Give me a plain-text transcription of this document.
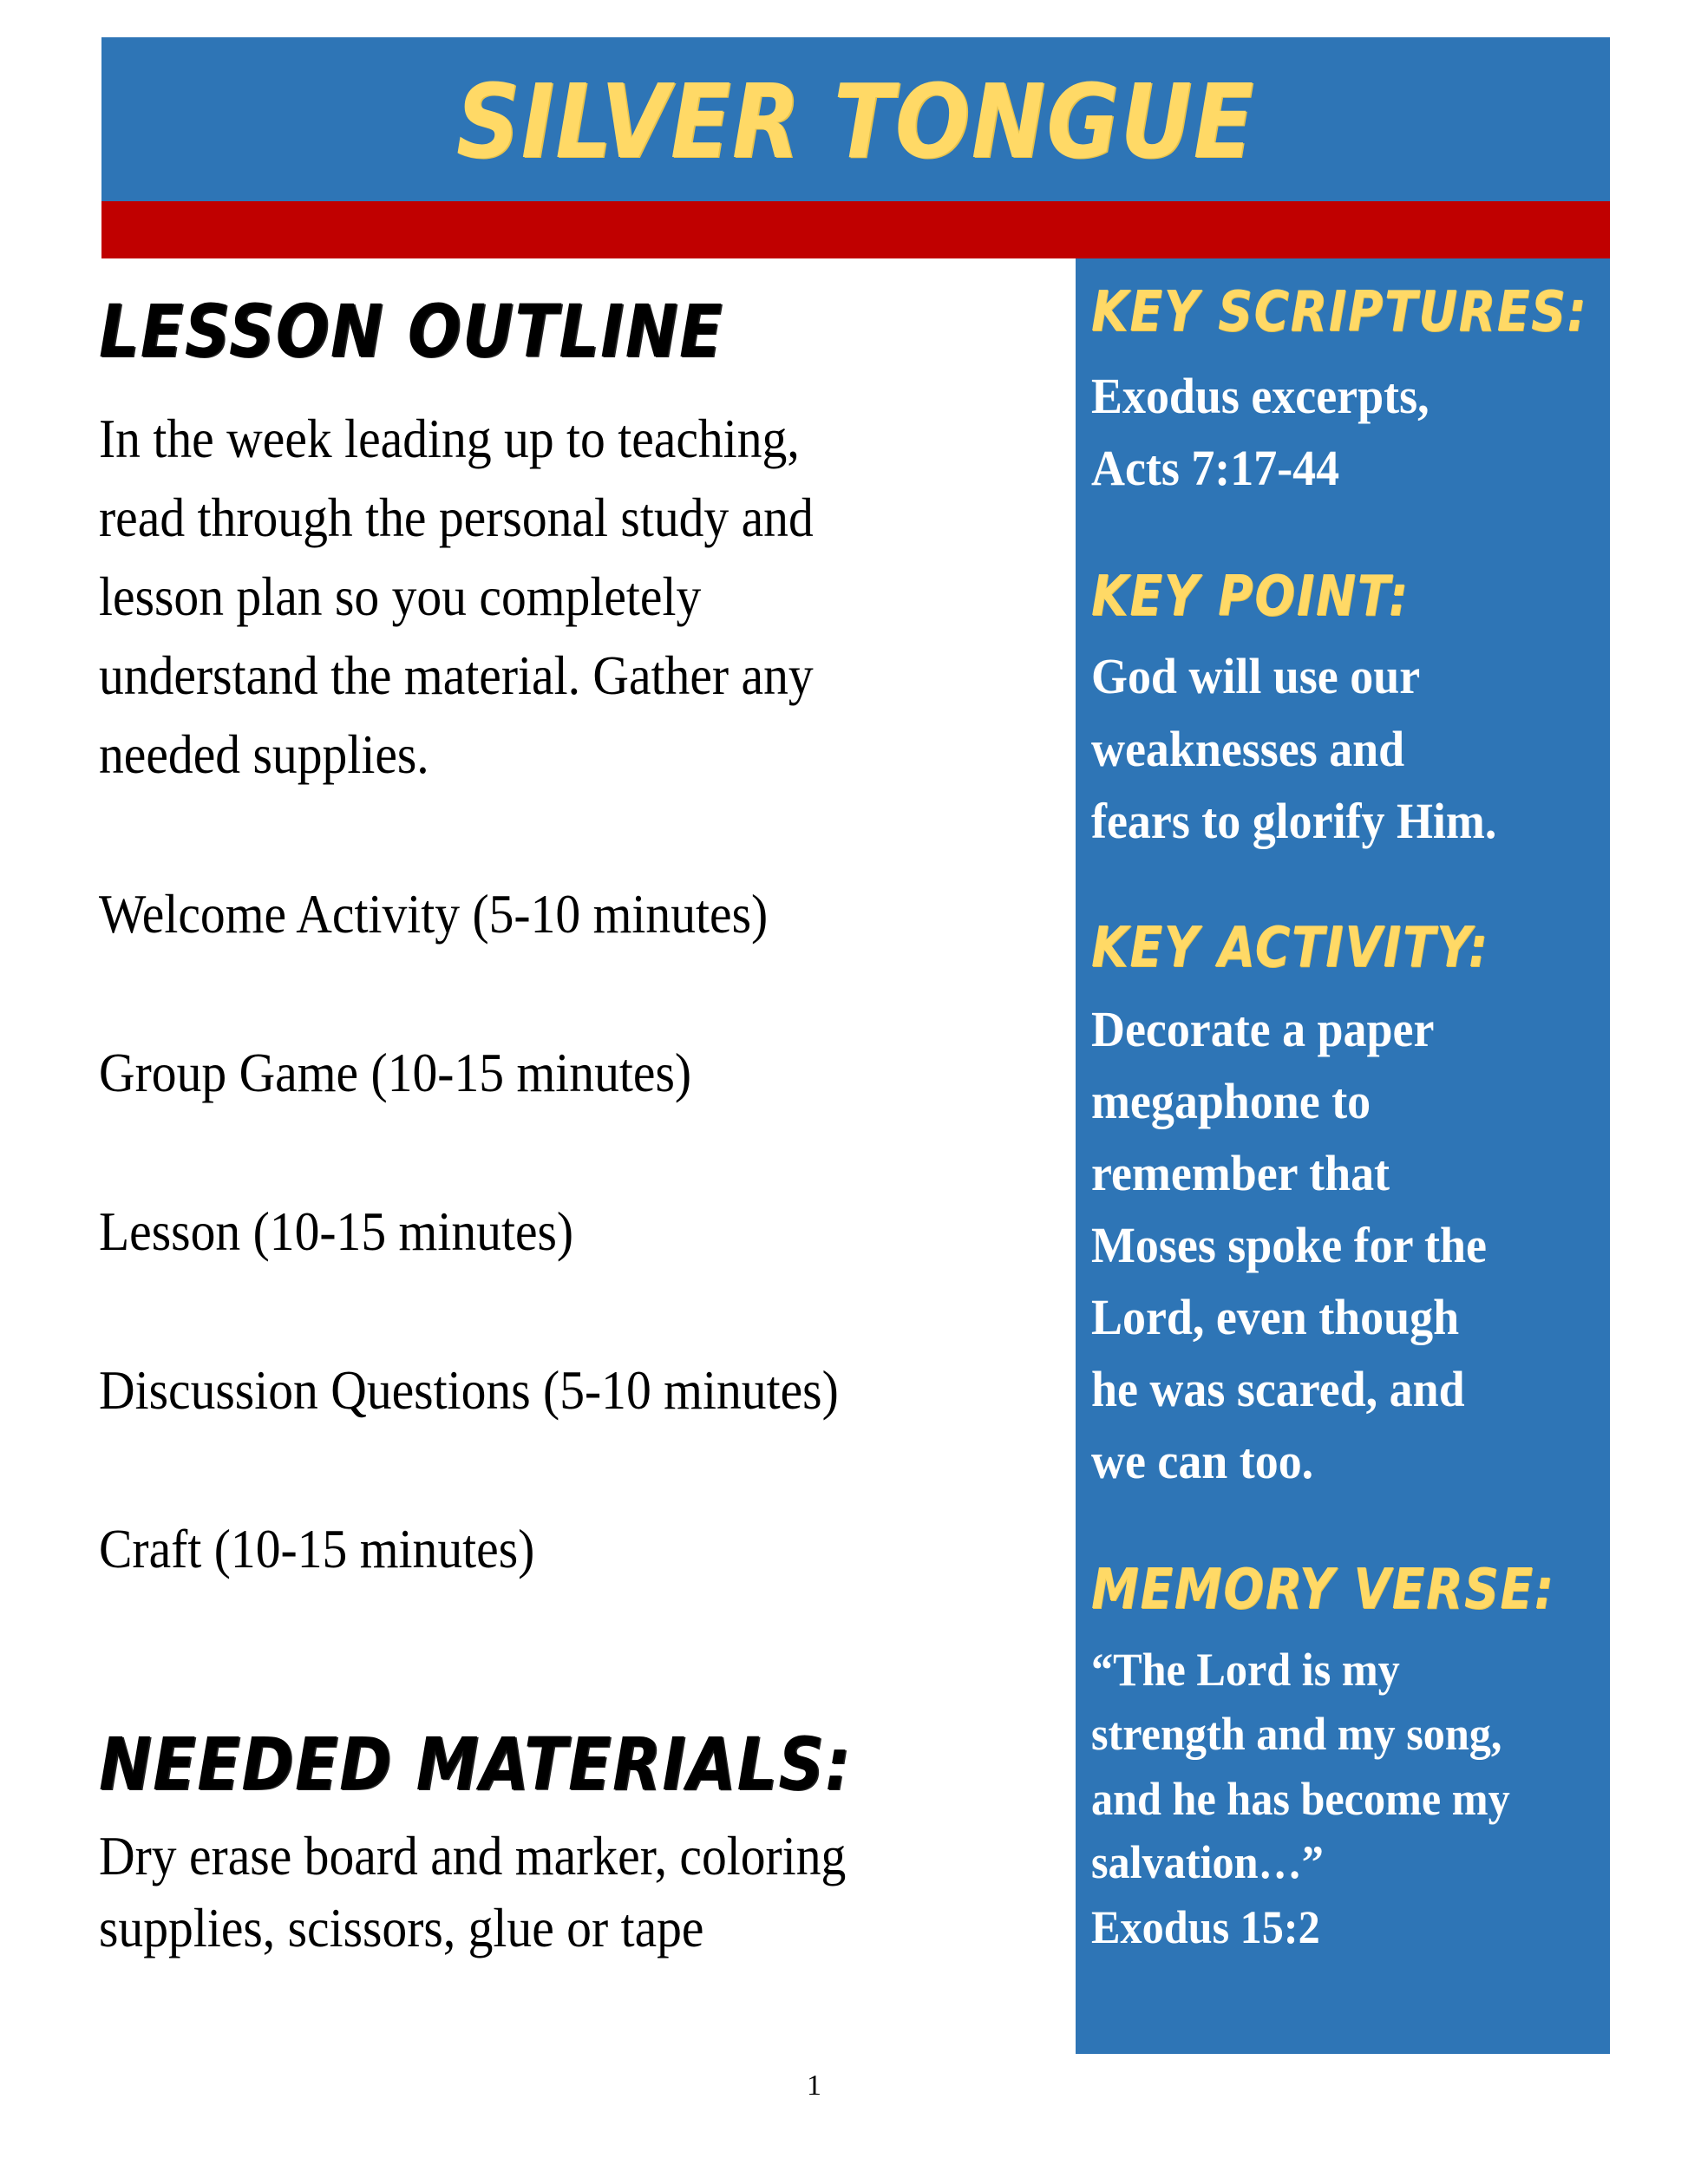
SILVER TONGUE
LESSON OUTLINE
In the week leading up to teaching,
read through the personal study and
lesson plan so you completely
understand the material. Gather any
needed supplies.
Welcome Activity (5-10 minutes)
Group Game (10-15 minutes)
Lesson (10-15 minutes)
Discussion Questions (5-10 minutes)
Craft (10-15 minutes)
NEEDED MATERIALS:
Dry erase board and marker, coloring
supplies, scissors, glue or tape
KEY SCRIPTURES:
Exodus excerpts,
Acts 7:17-44
KEY POINT:
God will use our
weaknesses and
fears to glorify Him.
KEY ACTIVITY:
Decorate a paper
megaphone to
remember that
Moses spoke for the
Lord, even though
he was scared, and
we can too.
MEMORY VERSE:
“The Lord is my
strength and my song,
and he has become my
salvation…”
Exodus 15:2
1
